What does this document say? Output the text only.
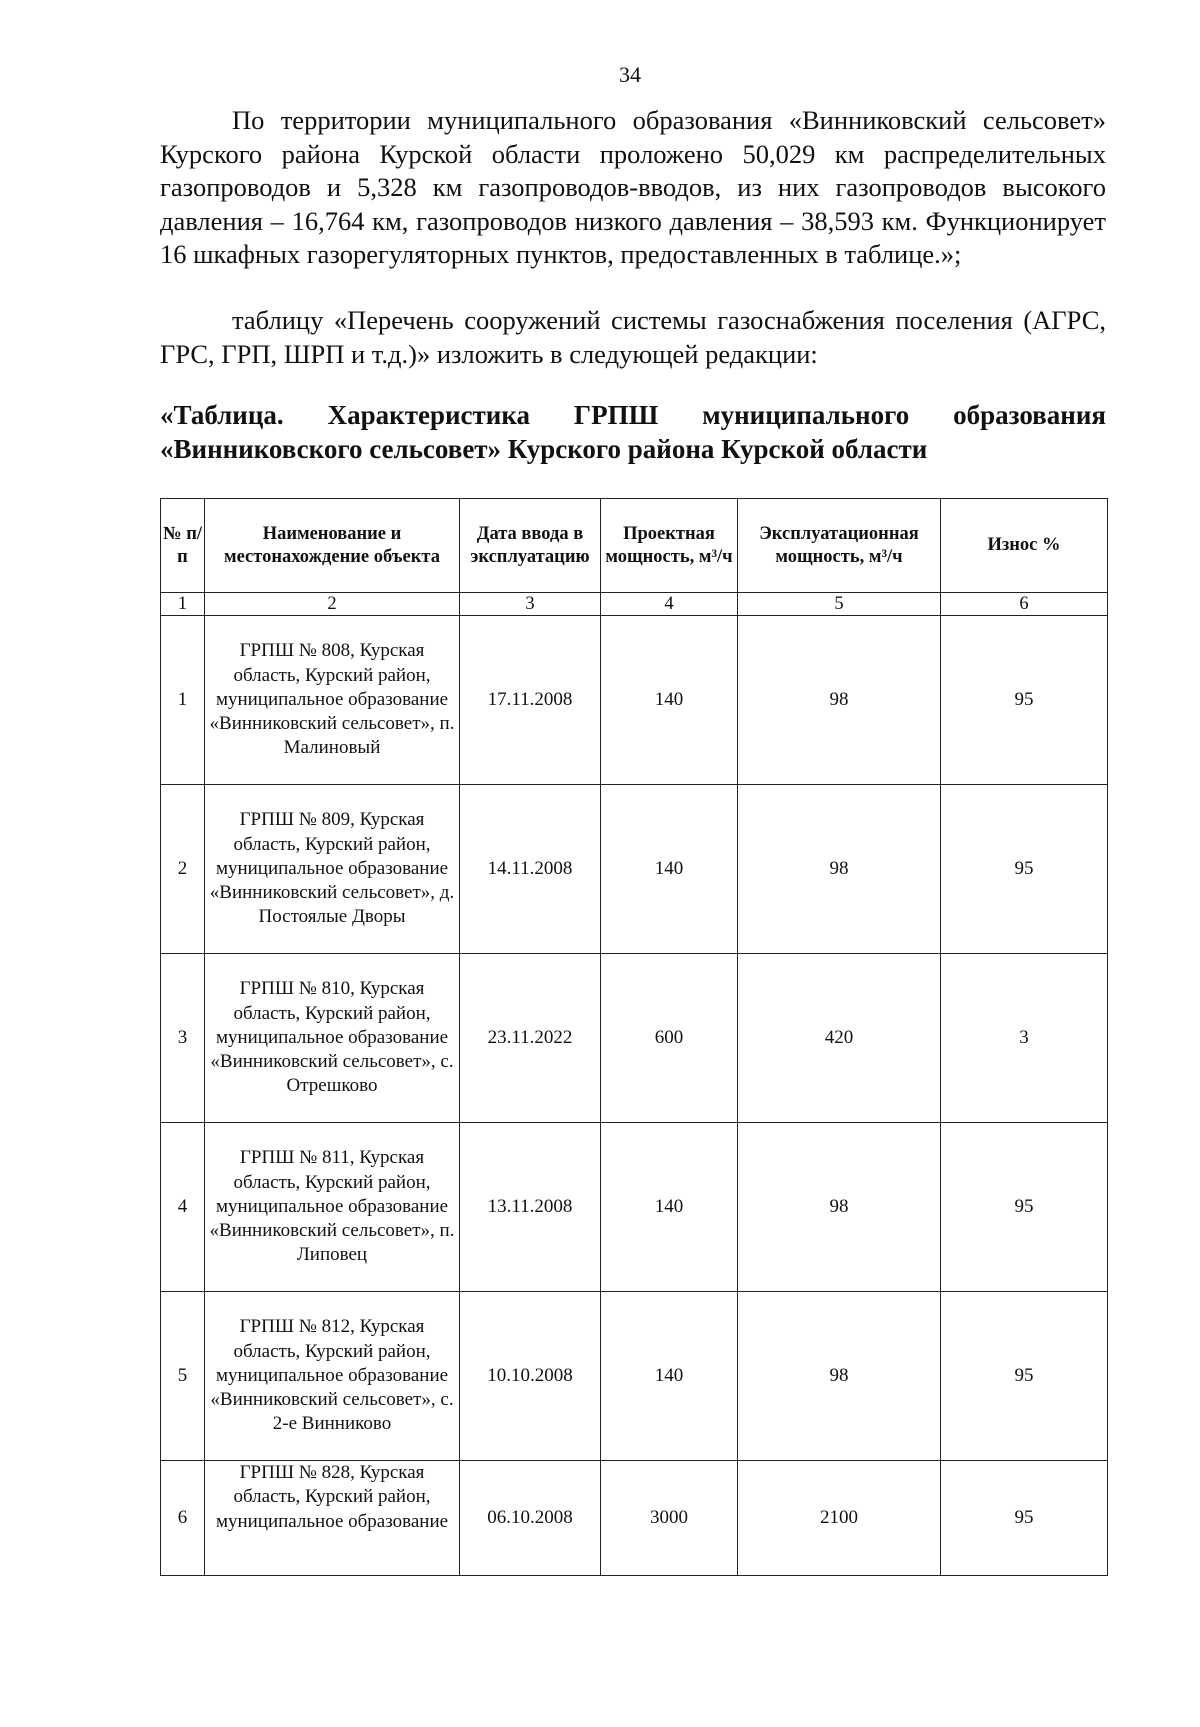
34

По территории муниципального образования «Винниковский сельсовет» Курского района Курской области проложено 50,029 км распределительных газопроводов и 5,328 км газопроводов-вводов, из них газопроводов высокого давления – 16,764 км, газопроводов низкого давления – 38,593 км. Функционирует 16 шкафных газорегуляторных пунктов, предоставленных в таблице.»;

таблицу «Перечень сооружений системы газоснабжения поселения (АГРС, ГРС, ГРП, ШРП и т.д.)» изложить в следующей редакции:

«Таблица. Характеристика ГРПШ муниципального образования

«Винниковского сельсовет» Курского района Курской области

№ п/п	Наименование и местонахождение объекта	Дата ввода в эксплуатацию	Проектная мощность, м³/ч	Эксплуатационная мощность, м³/ч	Износ %
1	2	3	4	5	6
1	ГРПШ № 808, Курская область, Курский район, муниципальное образование «Винниковский сельсовет», п. Малиновый	17.11.2008	140	98	95
2	ГРПШ № 809, Курская область, Курский район, муниципальное образование «Винниковский сельсовет», д. Постоялые Дворы	14.11.2008	140	98	95
3	ГРПШ № 810, Курская область, Курский район, муниципальное образование «Винниковский сельсовет», с. Отрешково	23.11.2022	600	420	3
4	ГРПШ № 811, Курская область, Курский район, муниципальное образование «Винниковский сельсовет», п. Липовец	13.11.2008	140	98	95
5	ГРПШ № 812, Курская область, Курский район, муниципальное образование «Винниковский сельсовет», с. 2-е Винниково	10.10.2008	140	98	95
6	ГРПШ № 828, Курская область, Курский район, муниципальное образование	06.10.2008	3000	2100	95
